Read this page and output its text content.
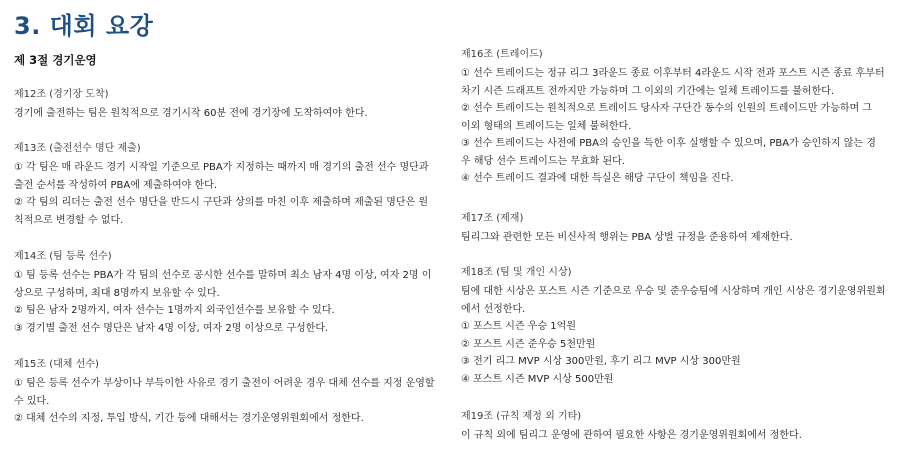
3. 대회 요강
제 3절 경기운영

제12조 (경기장 도착)

경기에 출전하는 팀은 원칙적으로 경기시작 60분 전에 경기장에 도착하여야 한다.

제13조 (출전선수 명단 제출)

① 각 팀은 매 라운드 경기 시작일 기준으로 PBA가 지정하는 때까지 매 경기의 출전 선수 명단과

출전 순서를 작성하여 PBA에 제출하여야 한다.

② 각 팀의 리더는 출전 선수 명단을 반드시 구단과 상의를 마친 이후 제출하며 제출된 명단은 원

칙적으로 변경할 수 없다.

제14조 (팀 등록 선수)

① 팀 등록 선수는 PBA가 각 팀의 선수로 공시한 선수를 말하며 최소 남자 4명 이상, 여자 2명 이

상으로 구성하며, 최대 8명까지 보유할 수 있다.

② 팀은 남자 2명까지, 여자 선수는 1명까지 외국인선수를 보유할 수 있다.

③ 경기별 출전 선수 명단은 남자 4명 이상, 여자 2명 이상으로 구성한다.

제15조 (대체 선수)

① 팀은 등록 선수가 부상이나 부득이한 사유로 경기 출전이 어려운 경우 대체 선수를 지정 운영할

수 있다.

② 대체 선수의 지정, 투입 방식, 기간 등에 대해서는 경기운영위원회에서 정한다.

제16조 (트레이드)

① 선수 트레이드는 정규 리그 3라운드 종료 이후부터 4라운드 시작 전과 포스트 시즌 종료 후부터

차기 시즌 드래프트 전까지만 가능하며 그 이외의 기간에는 일체 트레이드를 불허한다.

② 선수 트레이드는 원칙적으로 트레이드 당사자 구단간 동수의 인원의 트레이드만 가능하며 그

이외 형태의 트레이드는 일체 불허한다.

③ 선수 트레이드는 사전에 PBA의 승인을 득한 이후 실행할 수 있으며, PBA가 승인하지 않는 경

우 해당 선수 트레이드는 무효화 된다.

④ 선수 트레이드 결과에 대한 득실은 해당 구단이 책임을 진다.

제17조 (제재)

팀리그와 관련한 모든 비신사적 행위는 PBA 상벌 규정을 준용하여 제재한다.

제18조 (팀 및 개인 시상)

팀에 대한 시상은 포스트 시즌 기준으로 우승 및 준우승팀에 시상하며 개인 시상은 경기운영위원회

에서 선정한다.

① 포스트 시즌 우승 1억원

② 포스트 시즌 준우승 5천만원

③ 전기 리그 MVP 시상 300만원, 후기 리그 MVP 시상 300만원

④ 포스트 시즌 MVP 시상 500만원

제19조 (규칙 제정 외 기타)

이 규칙 외에 팀리그 운영에 관하여 필요한 사항은 경기운영위원회에서 정한다.
